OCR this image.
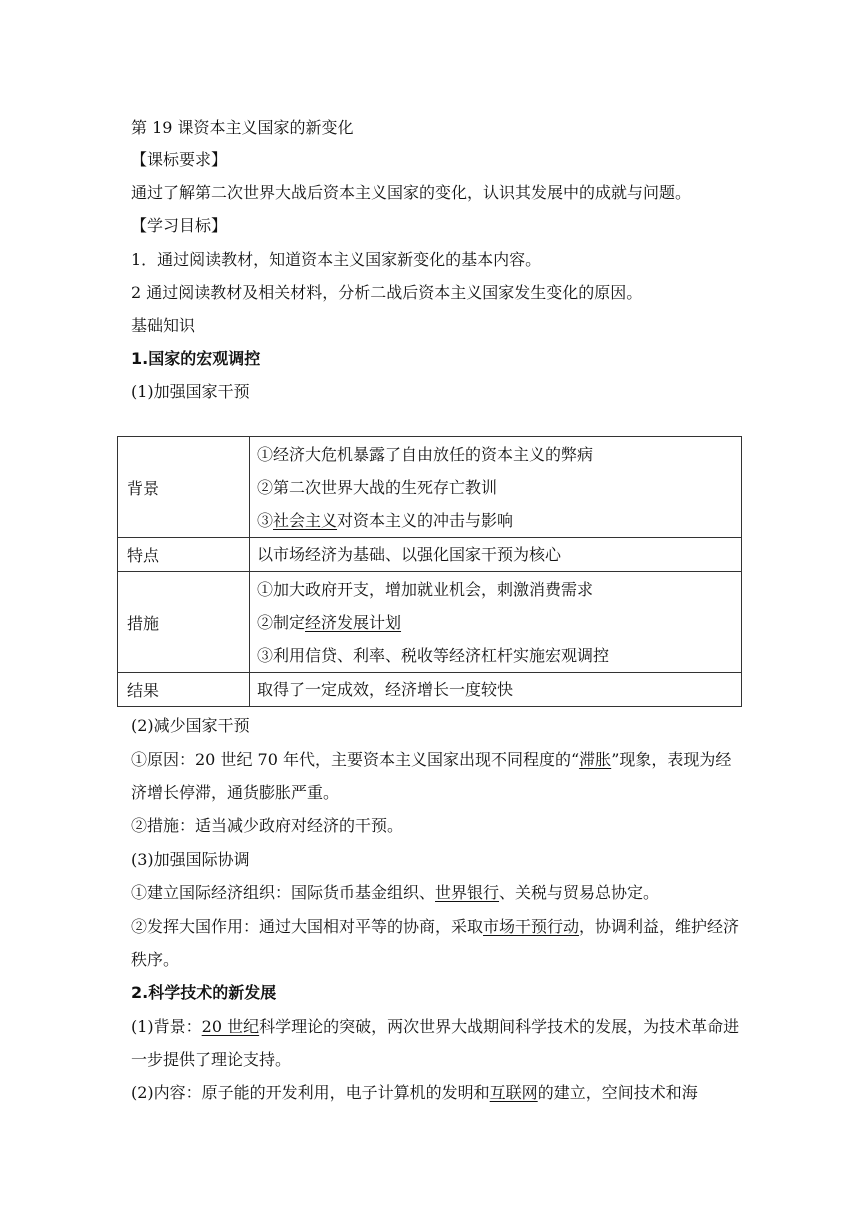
第 19 课资本主义国家的新变化
【课标要求】
通过了解第二次世界大战后资本主义国家的变化，认识其发展中的成就与问题。
【学习目标】
1．通过阅读教材，知道资本主义国家新变化的基本内容。
2 通过阅读教材及相关材料，分析二战后资本主义国家发生变化的原因。
基础知识
1.国家的宏观调控
(1)加强国家干预
背景	①经济大危机暴露了自由放任的资本主义的弊病
②第二次世界大战的生死存亡教训
③社会主义对资本主义的冲击与影响

特点	以市场经济为基础、以强化国家干预为核心

措施	①加大政府开支，增加就业机会，刺激消费需求
②制定经济发展计划
③利用信贷、利率、税收等经济杠杆实施宏观调控

结果	取得了一定成效，经济增长一度较快
(2)减少国家干预
①原因：20 世纪 70 年代，主要资本主义国家出现不同程度的“滞胀”现象，表现为经济增长停滞，通货膨胀严重。
②措施：适当减少政府对经济的干预。
(3)加强国际协调
①建立国际经济组织：国际货币基金组织、世界银行、关税与贸易总协定。
②发挥大国作用：通过大国相对平等的协商，采取市场干预行动，协调利益，维护经济秩序。
2.科学技术的新发展
(1)背景：20 世纪科学理论的突破，两次世界大战期间科学技术的发展，为技术革命进一步提供了理论支持。
(2)内容：原子能的开发利用，电子计算机的发明和互联网的建立，空间技术和海
